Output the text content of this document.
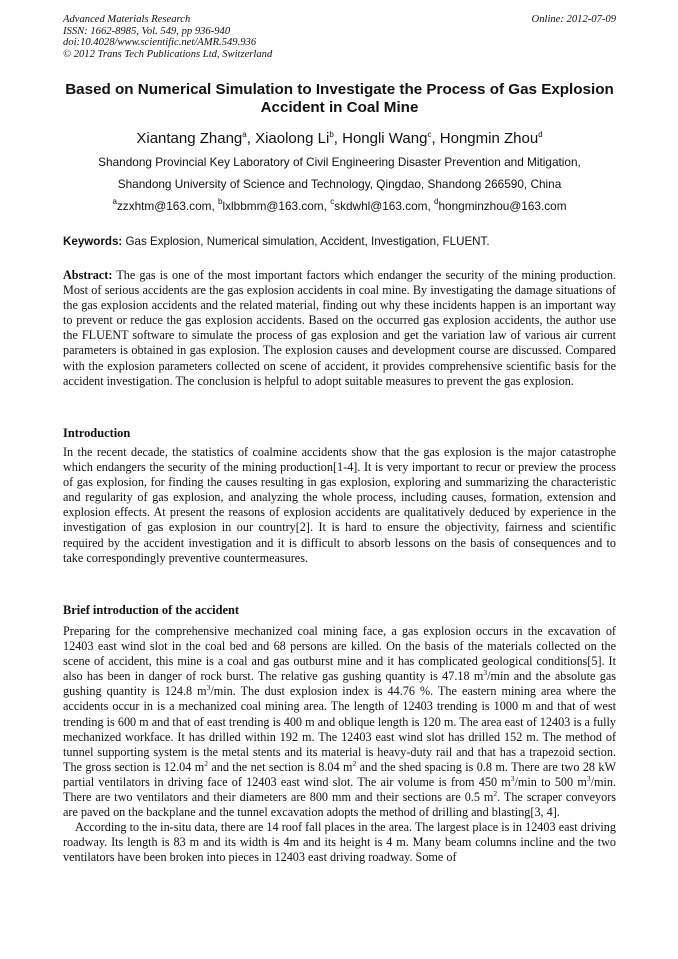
Advanced Materials Research
ISSN: 1662-8985, Vol. 549, pp 936-940
doi:10.4028/www.scientific.net/AMR.549.936
© 2012 Trans Tech Publications Ltd, Switzerland
Online: 2012-07-09
Based on Numerical Simulation to Investigate the Process of Gas Explosion Accident in Coal Mine
Xiantang Zhang$^a$, Xiaolong Li$^b$, Hongli Wang$^c$, Hongmin Zhou$^d$
Shandong Provincial Key Laboratory of Civil Engineering Disaster Prevention and Mitigation,
Shandong University of Science and Technology, Qingdao, Shandong 266590, China
$^a$zzxhtm@163.com, $^b$lxlbbmm@163.com, $^c$skdwhl@163.com, $^d$hongminzhou@163.com
Keywords: Gas Explosion, Numerical simulation, Accident, Investigation, FLUENT.
Abstract: The gas is one of the most important factors which endanger the security of the mining production. Most of serious accidents are the gas explosion accidents in coal mine. By investigating the damage situations of the gas explosion accidents and the related material, finding out why these incidents happen is an important way to prevent or reduce the gas explosion accidents. Based on the occurred gas explosion accidents, the author use the FLUENT software to simulate the process of gas explosion and get the variation law of various air current parameters is obtained in gas explosion. The explosion causes and development course are discussed. Compared with the explosion parameters collected on scene of accident, it provides comprehensive scientific basis for the accident investigation. The conclusion is helpful to adopt suitable measures to prevent the gas explosion.
Introduction
In the recent decade, the statistics of coalmine accidents show that the gas explosion is the major catastrophe which endangers the security of the mining production[1-4]. It is very important to recur or preview the process of gas explosion, for finding the causes resulting in gas explosion, exploring and summarizing the characteristic and regularity of gas explosion, and analyzing the whole process, including causes, formation, extension and explosion effects. At present the reasons of explosion accidents are qualitatively deduced by experience in the investigation of gas explosion in our country[2]. It is hard to ensure the objectivity, fairness and scientific required by the accident investigation and it is difficult to absorb lessons on the basis of consequences and to take correspondingly preventive countermeasures.
Brief introduction of the accident

Preparing for the comprehensive mechanized coal mining face, a gas explosion occurs in the excavation of 12403 east wind slot in the coal bed and 68 persons are killed. On the basis of the materials collected on the scene of accident, this mine is a coal and gas outburst mine and it has complicated geological conditions[5]. It also has been in danger of rock burst. The relative gas gushing quantity is 47.18 $m^3/\min$ and the absolute gas gushing quantity is 124.8 $m^3/\min$. The dust explosion index is 44.76 %. The eastern mining area where the accidents occur in is a mechanized coal mining area. The length of 12403 trending is 1000 m and that of west trending is 600 m and that of east trending is 400 m and oblique length is 120 m. The area east of 12403 is a fully mechanized workface. It has drilled within 192 m. The 12403 east wind slot has drilled 152 m. The method of tunnel supporting system is the metal stents and its material is heavy-duty rail and that has a trapezoid section. The gross section is 12.04 $m^2$ and the net section is 8.04 $m^2$ and the shed spacing is 0.8 m. There are two 28 kW partial ventilators in driving face of 12403 east wind slot. The air volume is from 450 $m^3/\min$ to 500 $m^3/\min$. There are two ventilators and their diameters are 800 mm and their sections are 0.5 $m^2$. The scraper conveyors are paved on the backplane and the tunnel excavation adopts the method of drilling and blasting[3, 4].

According to the in-situ data, there are 14 roof fall places in the area. The largest place is in 12403 east driving roadway. Its length is 83 m and its width is 4m and its height is 4 m. Many beam columns incline and the two ventilators have been broken into pieces in 12403 east driving roadway. Some of
